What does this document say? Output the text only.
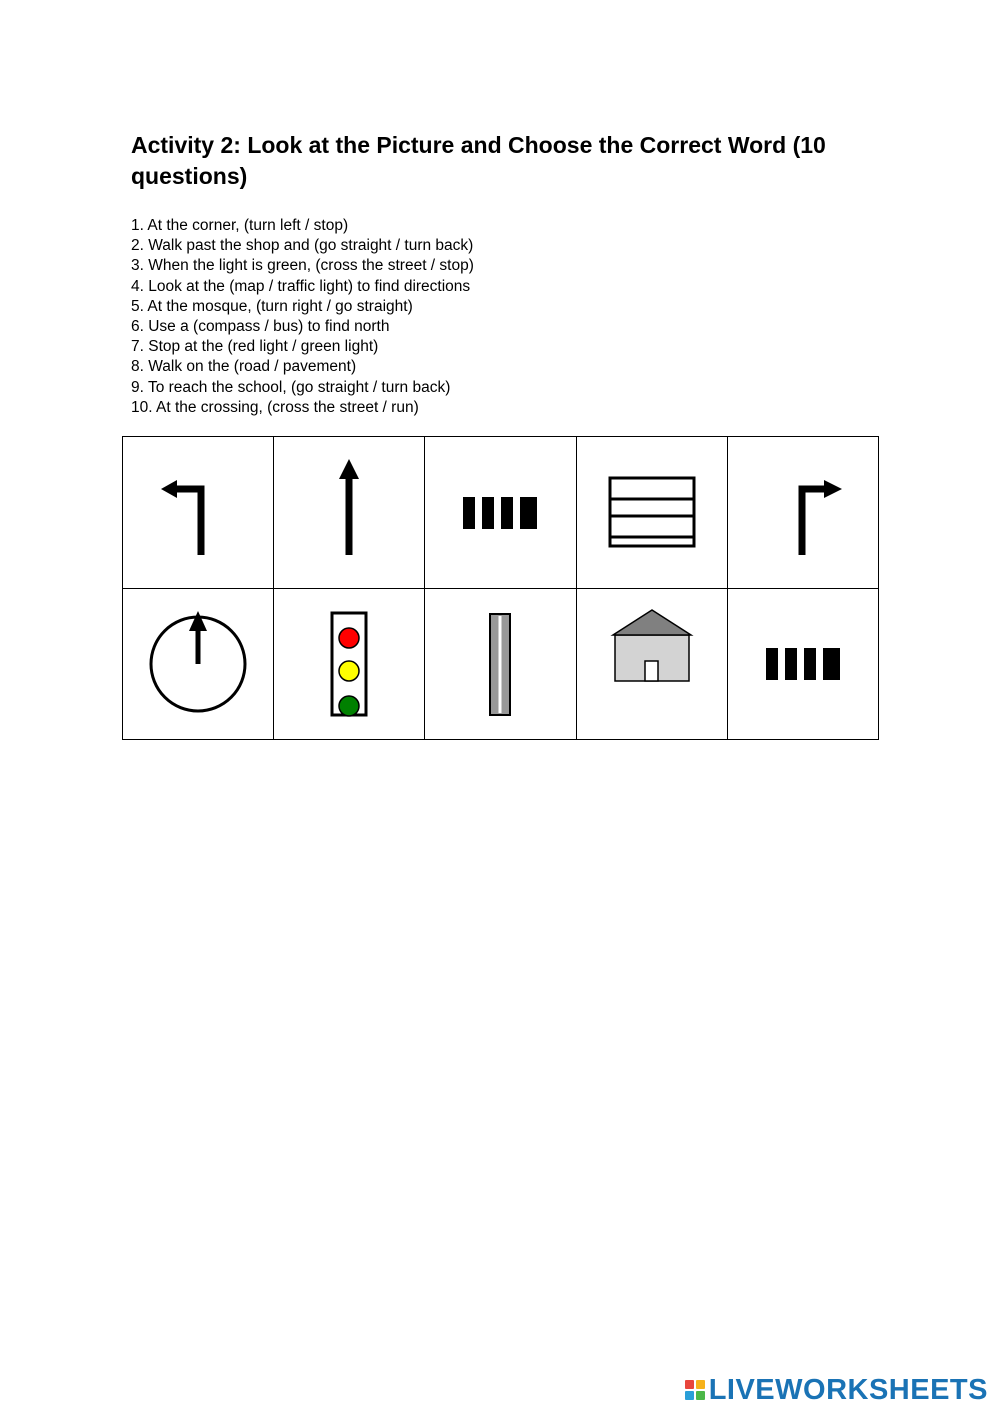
Activity 2: Look at the Picture and Choose the Correct Word (10 questions)
1. At the corner, (turn left / stop)
2. Walk past the shop and (go straight / turn back)
3. When the light is green, (cross the street / stop)
4. Look at the (map / traffic light) to find directions
5. At the mosque, (turn right / go straight)
6. Use a (compass / bus) to find north
7. Stop at the (red light / green light)
8. Walk on the (road / pavement)
9. To reach the school, (go straight / turn back)
10. At the crossing, (cross the street / run)
LIVEWORKSHEETS
